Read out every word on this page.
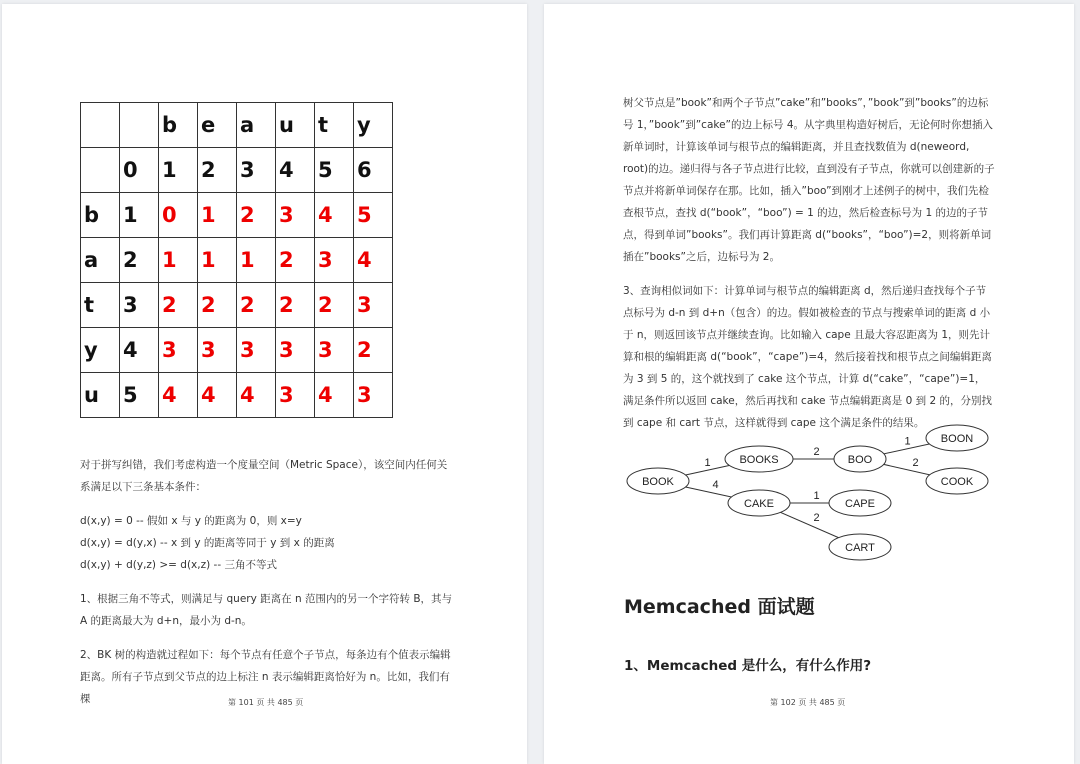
		b	e	a	u	t	y
	0	1	2	3	4	5	6
b	1	0	1	2	3	4	5
a	2	1	1	1	2	3	4
t	3	2	2	2	2	2	3
y	4	3	3	3	3	3	2
u	5	4	4	4	3	4	3

对于拼写纠错，我们考虑构造一个度量空间（Metric Space），该空间内任何关系满足以下三条基本条件：

d(x,y) = 0 -- 假如 x 与 y 的距离为 0，则 x=y

d(x,y) = d(y,x) -- x 到 y 的距离等同于 y 到 x 的距离

d(x,y) + d(y,z) >= d(x,z) -- 三角不等式

1、根据三角不等式，则满足与 query 距离在 n 范围内的另一个字符转 B，其与 A 的距离最大为 d+n，最小为 d-n。

2、BK 树的构造就过程如下：每个节点有任意个子节点，每条边有个值表示编辑距离。所有子节点到父节点的边上标注 n 表示编辑距离恰好为 n。比如，我们有棵	第 101 页 共 485 页

树父节点是”book”和两个子节点”cake”和”books”，”book”到”books”的边标号 1，”book”到”cake”的边上标号 4。从字典里构造好树后，无论何时你想插入新单词时，计算该单词与根节点的编辑距离，并且查找数值为 d(neweord, root)的边。递归得与各子节点进行比较，直到没有子节点，你就可以创建新的子节点并将新单词保存在那。比如，插入”boo”到刚才上述例子的树中，我们先检查根节点，查找 d(“book”，“boo”) = 1 的边，然后检查标号为 1 的边的子节点，得到单词”books”。我们再计算距离 d(“books”，“boo”)=2，则将新单词插在”books”之后，边标号为 2。

3、查询相似词如下：计算单词与根节点的编辑距离 d，然后递归查找每个子节点标号为 d-n 到 d+n（包含）的边。假如被检查的节点与搜索单词的距离 d 小于 n，则返回该节点并继续查询。比如输入 cape 且最大容忍距离为 1，则先计算和根的编辑距离 d(“book”，“cape”)=4，然后接着找和根节点之间编辑距离为 3 到 5 的，这个就找到了 cake 这个节点，计算 d(“cake”，“cape”)=1，满足条件所以返回 cake，然后再找和 cake 节点编辑距离是 0 到 2 的，分别找到 cape 和 cart 节点，这样就得到 cape 这个满足条件的结果。

1
4
2
1
2
1
2
BOOK
BOOKS
CAKE
BOO
BOON
COOK
CAPE
CART
Memcached 面试题
1、Memcached 是什么，有什么作用?
第 102 页 共 485 页
